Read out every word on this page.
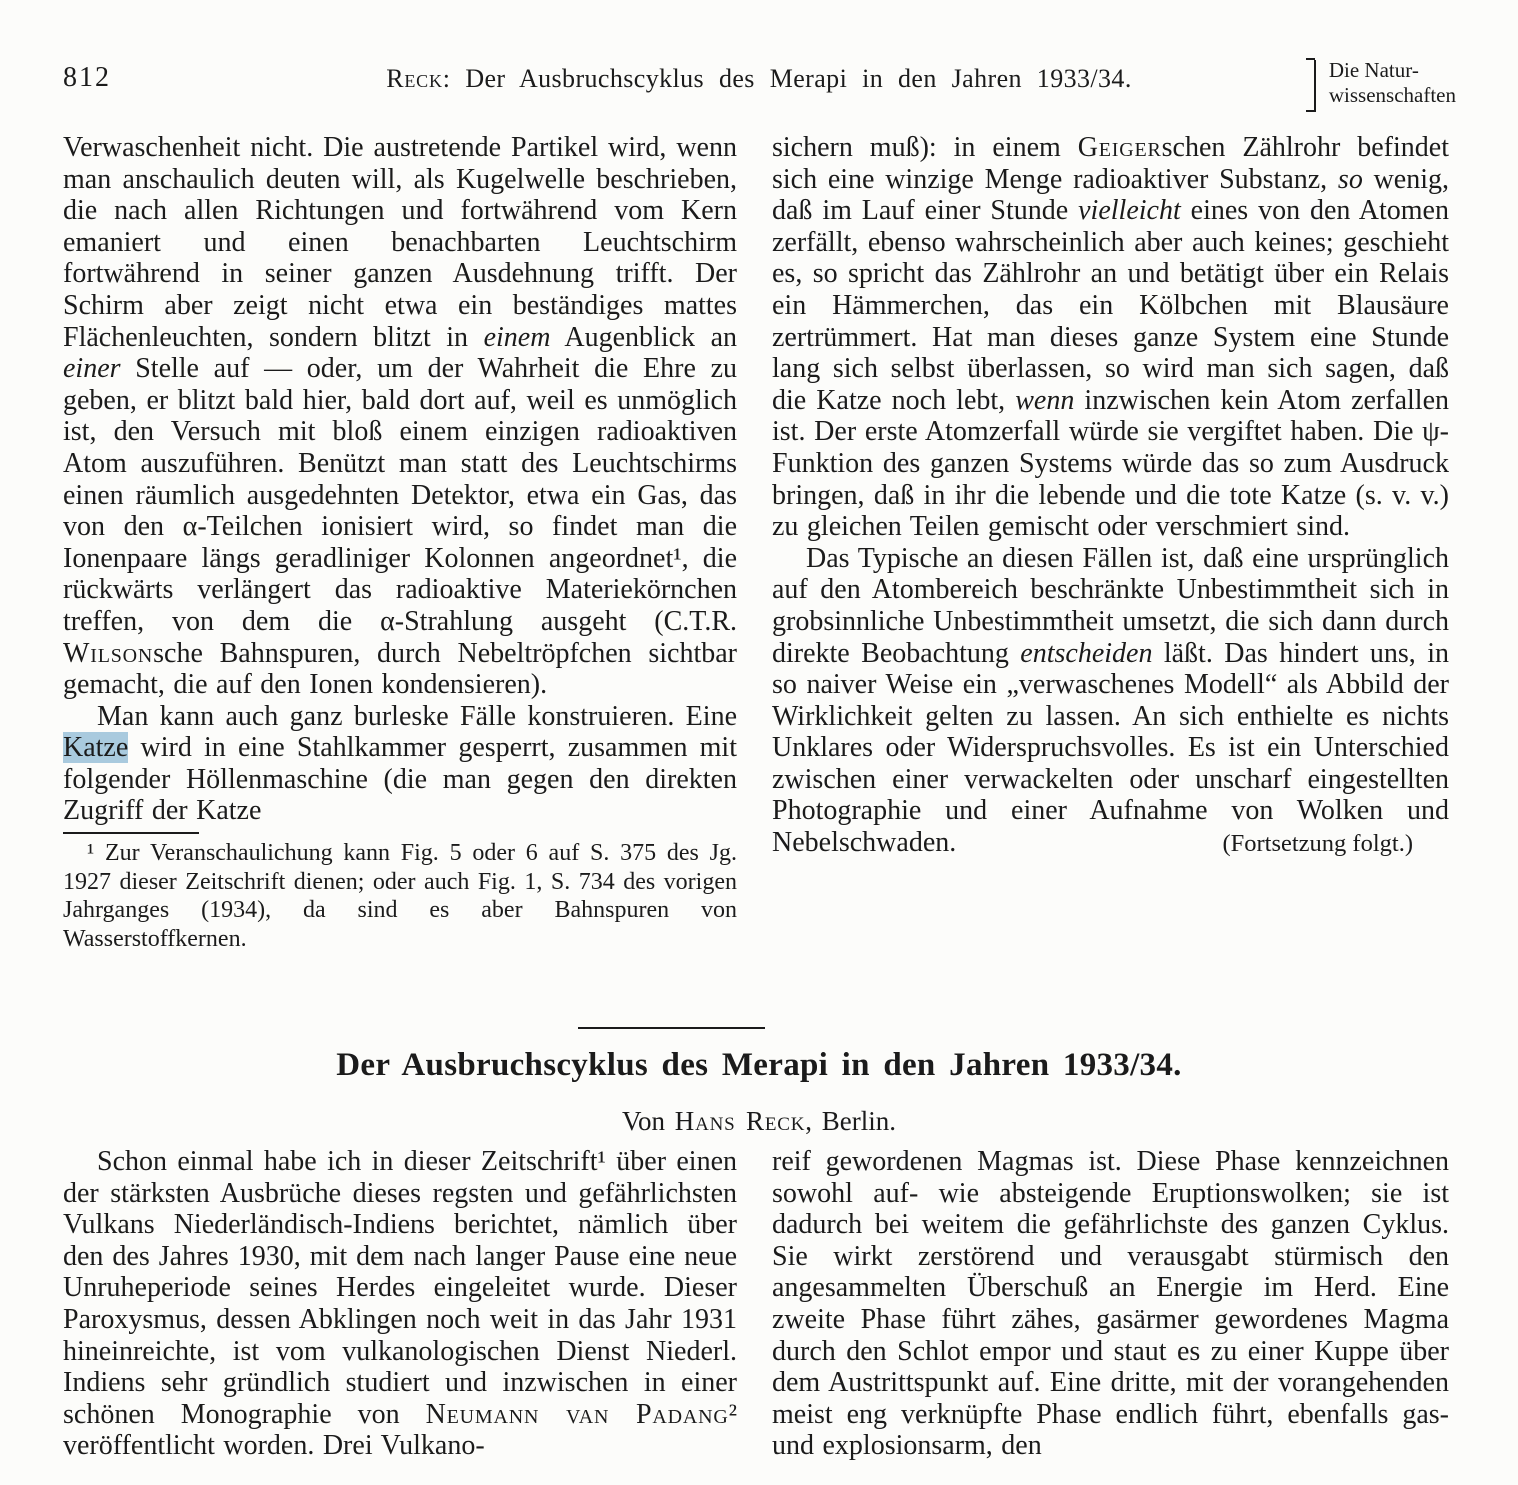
812	Reck: Der Ausbruchscyklus des Merapi in den Jahren 1933/34.	Die Natur-
wissenschaften

Verwaschenheit nicht. Die austretende Partikel wird, wenn man anschaulich deuten will, als Kugelwelle beschrieben, die nach allen Richtungen und fortwährend vom Kern emaniert und einen benachbarten Leuchtschirm fortwährend in seiner ganzen Ausdehnung trifft. Der Schirm aber zeigt nicht etwa ein beständiges mattes Flächenleuchten, sondern blitzt in einem Augenblick an einer Stelle auf — oder, um der Wahrheit die Ehre zu geben, er blitzt bald hier, bald dort auf, weil es unmöglich ist, den Versuch mit bloß einem einzigen radioaktiven Atom auszuführen. Benützt man statt des Leuchtschirms einen räumlich ausgedehnten Detektor, etwa ein Gas, das von den α-Teilchen ionisiert wird, so findet man die Ionenpaare längs geradliniger Kolonnen angeordnet¹, die rückwärts verlängert das radioaktive Materiekörnchen treffen, von dem die α-Strahlung ausgeht (C.T.R. Wilsonsche Bahnspuren, durch Nebeltröpfchen sichtbar gemacht, die auf den Ionen kondensieren).

Man kann auch ganz burleske Fälle konstruieren. Eine Katze wird in eine Stahlkammer gesperrt, zusammen mit folgender Höllenmaschine (die man gegen den direkten Zugriff der Katze

¹ Zur Veranschaulichung kann Fig. 5 oder 6 auf S. 375 des Jg. 1927 dieser Zeitschrift dienen; oder auch Fig. 1, S. 734 des vorigen Jahrganges (1934), da sind es aber Bahnspuren von Wasserstoffkernen.

sichern muß): in einem Geigerschen Zählrohr befindet sich eine winzige Menge radioaktiver Substanz, so wenig, daß im Lauf einer Stunde vielleicht eines von den Atomen zerfällt, ebenso wahrscheinlich aber auch keines; geschieht es, so spricht das Zählrohr an und betätigt über ein Relais ein Hämmerchen, das ein Kölbchen mit Blausäure zertrümmert. Hat man dieses ganze System eine Stunde lang sich selbst überlassen, so wird man sich sagen, daß die Katze noch lebt, wenn inzwischen kein Atom zerfallen ist. Der erste Atomzerfall würde sie vergiftet haben. Die ψ-Funktion des ganzen Systems würde das so zum Ausdruck bringen, daß in ihr die lebende und die tote Katze (s. v. v.) zu gleichen Teilen gemischt oder verschmiert sind.

Das Typische an diesen Fällen ist, daß eine ursprünglich auf den Atombereich beschränkte Unbestimmtheit sich in grobsinnliche Unbestimmtheit umsetzt, die sich dann durch direkte Beobachtung entscheiden läßt. Das hindert uns, in so naiver Weise ein „verwaschenes Modell“ als Abbild der Wirklichkeit gelten zu lassen. An sich enthielte es nichts Unklares oder Widerspruchsvolles. Es ist ein Unterschied zwischen einer verwackelten oder unscharf eingestellten Photographie und einer Aufnahme von Wolken und Nebelschwaden.	(Fortsetzung folgt.)
Der Ausbruchscyklus des Merapi in den Jahren 1933/34.
Von Hans Reck, Berlin.

Schon einmal habe ich in dieser Zeitschrift¹ über einen der stärksten Ausbrüche dieses regsten und gefährlichsten Vulkans Niederländisch-Indiens berichtet, nämlich über den des Jahres 1930, mit dem nach langer Pause eine neue Unruheperiode seines Herdes eingeleitet wurde. Dieser Paroxysmus, dessen Abklingen noch weit in das Jahr 1931 hineinreichte, ist vom vulkanologischen Dienst Niederl. Indiens sehr gründlich studiert und inzwischen in einer schönen Monographie von Neumann van Padang² veröffentlicht worden. Drei Vulkano-

reif gewordenen Magmas ist. Diese Phase kennzeichnen sowohl auf- wie absteigende Eruptionswolken; sie ist dadurch bei weitem die gefährlichste des ganzen Cyklus. Sie wirkt zerstörend und verausgabt stürmisch den angesammelten Überschuß an Energie im Herd. Eine zweite Phase führt zähes, gasärmer gewordenes Magma durch den Schlot empor und staut es zu einer Kuppe über dem Austrittspunkt auf. Eine dritte, mit der vorangehenden meist eng verknüpfte Phase endlich führt, ebenfalls gas- und explosionsarm, den
